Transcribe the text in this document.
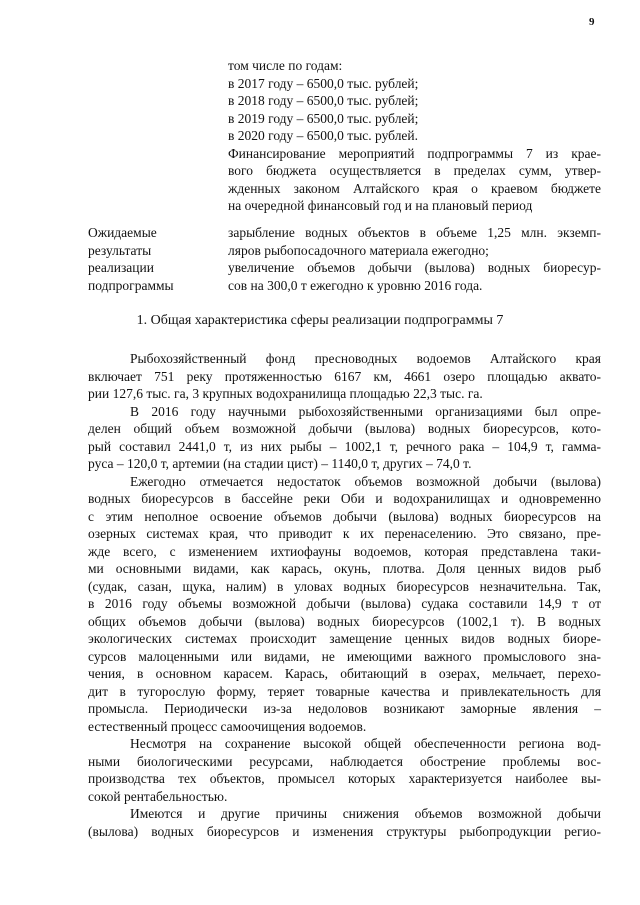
9
том числе по годам:
в 2017 году – 6500,0 тыс. рублей;
в 2018 году – 6500,0 тыс. рублей;
в 2019 году – 6500,0 тыс. рублей;
в 2020 году – 6500,0 тыс. рублей.
Финансирование мероприятий подпрограммы 7 из крае-
вого бюджета осуществляется в пределах сумм, утвер-
жденных законом Алтайского края о краевом бюджете
на очередной финансовый год и на плановый период
Ожидаемые
результаты
реализации
подпрограммы
зарыбление водных объектов в объеме 1,25 млн. экземп-
ляров рыбопосадочного материала ежегодно;
увеличение объемов добычи (вылова) водных биоресур-
сов на 300,0 т ежегодно к уровню 2016 года.
1. Общая характеристика сферы реализации подпрограммы 7
Рыбохозяйственный фонд пресноводных водоемов Алтайского края
включает 751 реку протяженностью 6167 км, 4661 озеро площадью аквато-
рии 127,6 тыс. га, 3 крупных водохранилища площадью 22,3 тыс. га.
В 2016 году научными рыбохозяйственными организациями был опре-
делен общий объем возможной добычи (вылова) водных биоресурсов, кото-
рый составил 2441,0 т, из них рыбы – 1002,1 т, речного рака – 104,9 т, гамма-
руса – 120,0 т, артемии (на стадии цист) – 1140,0 т, других – 74,0 т.
Ежегодно отмечается недостаток объемов возможной добычи (вылова)
водных биоресурсов в бассейне реки Оби и водохранилищах и одновременно
с этим неполное освоение объемов добычи (вылова) водных биоресурсов на
озерных системах края, что приводит к их перенаселению. Это связано, пре-
жде всего, с изменением ихтиофауны водоемов, которая представлена таки-
ми основными видами, как карась, окунь, плотва. Доля ценных видов рыб
(судак, сазан, щука, налим) в уловах водных биоресурсов незначительна. Так,
в 2016 году объемы возможной добычи (вылова) судака составили 14,9 т от
общих объемов добычи (вылова) водных биоресурсов (1002,1 т). В водных
экологических системах происходит замещение ценных видов водных биоре-
сурсов малоценными или видами, не имеющими важного промыслового зна-
чения, в основном карасем. Карась, обитающий в озерах, мельчает, перехо-
дит в тугорослую форму, теряет товарные качества и привлекательность для
промысла. Периодически из-за недоловов возникают заморные явления –
естественный процесс самоочищения водоемов.
Несмотря на сохранение высокой общей обеспеченности региона вод-
ными биологическими ресурсами, наблюдается обострение проблемы вос-
производства тех объектов, промысел которых характеризуется наиболее вы-
сокой рентабельностью.
Имеются и другие причины снижения объемов возможной добычи
(вылова) водных биоресурсов и изменения структуры рыбопродукции регио-
